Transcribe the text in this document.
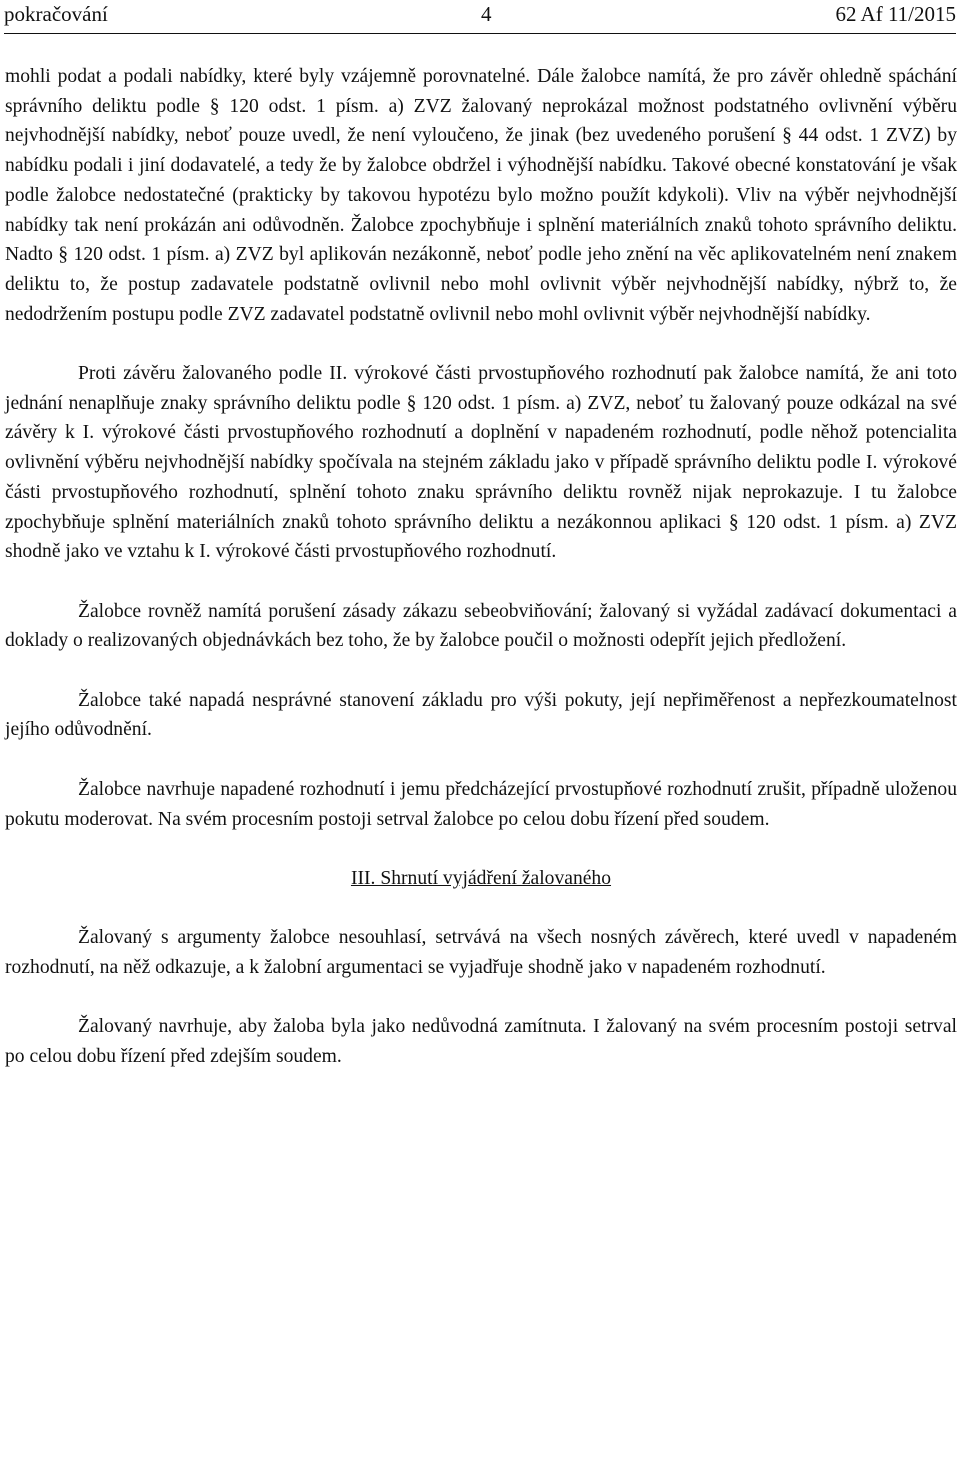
pokračování	4	62 Af 11/2015

mohli podat a podali nabídky, které byly vzájemně porovnatelné. Dále žalobce namítá, že pro závěr ohledně spáchání správního deliktu podle § 120 odst. 1 písm. a) ZVZ žalovaný neprokázal možnost podstatného ovlivnění výběru nejvhodnější nabídky, neboť pouze uvedl, že není vyloučeno, že jinak (bez uvedeného porušení § 44 odst. 1 ZVZ) by nabídku podali i jiní dodavatelé, a tedy že by žalobce obdržel i výhodnější nabídku. Takové obecné konstatování je však podle žalobce nedostatečné (prakticky by takovou hypotézu bylo možno použít kdykoli). Vliv na výběr nejvhodnější nabídky tak není prokázán ani odůvodněn. Žalobce zpochybňuje i splnění materiálních znaků tohoto správního deliktu. Nadto § 120 odst. 1 písm. a) ZVZ byl aplikován nezákonně, neboť podle jeho znění na věc aplikovatelném není znakem deliktu to, že postup zadavatele podstatně ovlivnil nebo mohl ovlivnit výběr nejvhodnější nabídky, nýbrž to, že nedodržením postupu podle ZVZ zadavatel podstatně ovlivnil nebo mohl ovlivnit výběr nejvhodnější nabídky.

Proti závěru žalovaného podle II. výrokové části prvostupňového rozhodnutí pak žalobce namítá, že ani toto jednání nenaplňuje znaky správního deliktu podle § 120 odst. 1 písm. a) ZVZ, neboť tu žalovaný pouze odkázal na své závěry k I. výrokové části prvostupňového rozhodnutí a doplnění v napadeném rozhodnutí, podle něhož potencialita ovlivnění výběru nejvhodnější nabídky spočívala na stejném základu jako v případě správního deliktu podle I. výrokové části prvostupňového rozhodnutí, splnění tohoto znaku správního deliktu rovněž nijak neprokazuje. I tu žalobce zpochybňuje splnění materiálních znaků tohoto správního deliktu a nezákonnou aplikaci § 120 odst. 1 písm. a) ZVZ shodně jako ve vztahu k I. výrokové části prvostupňového rozhodnutí.

Žalobce rovněž namítá porušení zásady zákazu sebeobviňování; žalovaný si vyžádal zadávací dokumentaci a doklady o realizovaných objednávkách bez toho, že by žalobce poučil o možnosti odepřít jejich předložení.

Žalobce také napadá nesprávné stanovení základu pro výši pokuty, její nepřiměřenost a nepřezkoumatelnost jejího odůvodnění.

Žalobce navrhuje napadené rozhodnutí i jemu předcházející prvostupňové rozhodnutí zrušit, případně uloženou pokutu moderovat. Na svém procesním postoji setrval žalobce po celou dobu řízení před soudem.

III. Shrnutí vyjádření žalovaného

Žalovaný s argumenty žalobce nesouhlasí, setrvává na všech nosných závěrech, které uvedl v napadeném rozhodnutí, na něž odkazuje, a k žalobní argumentaci se vyjadřuje shodně jako v napadeném rozhodnutí.

Žalovaný navrhuje, aby žaloba byla jako nedůvodná zamítnuta. I žalovaný na svém procesním postoji setrval po celou dobu řízení před zdejším soudem.
